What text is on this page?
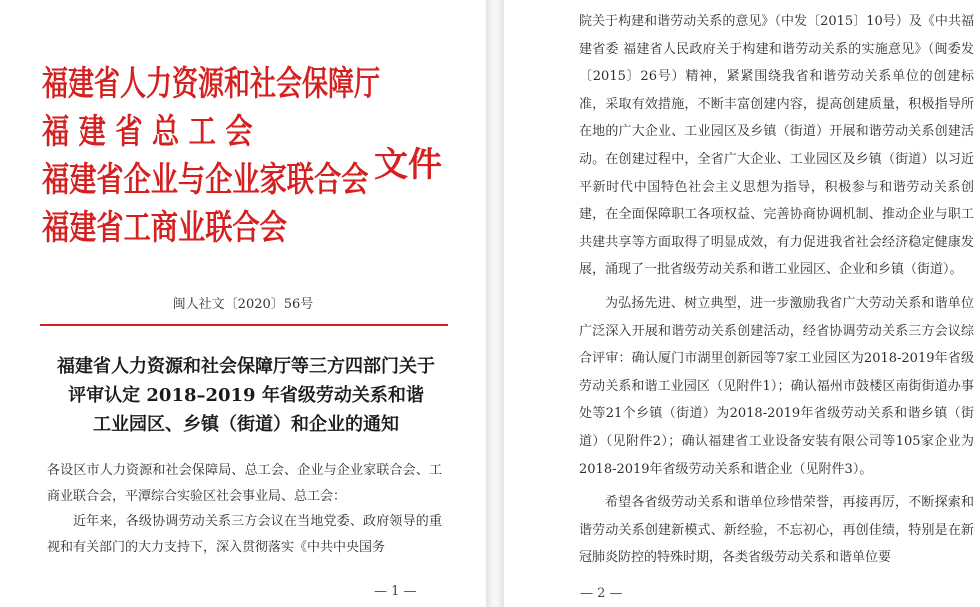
福建省人力资源和社会保障厅
福 建 省 总 工 会
福建省企业与企业家联合会
福建省工商业联合会
文件
闽人社文〔2020〕56号
福建省人力资源和社会保障厅等三方四部门关于
评审认定 2018–2019 年省级劳动关系和谐
工业园区、乡镇（街道）和企业的通知

各设区市人力资源和社会保障局、总工会、企业与企业家联合会、工商业联合会，平潭综合实验区社会事业局、总工会：

近年来，各级协调劳动关系三方会议在当地党委、政府领导的重视和有关部门的大力支持下，深入贯彻落实《中共中央国务

— 1 —

院关于构建和谐劳动关系的意见》（中发〔2015〕10号）及《中共福建省委 福建省人民政府关于构建和谐劳动关系的实施意见》（闽委发〔2015〕26号）精神，紧紧围绕我省和谐劳动关系单位的创建标准，采取有效措施，不断丰富创建内容，提高创建质量，积极指导所在地的广大企业、工业园区及乡镇（街道）开展和谐劳动关系创建活动。在创建过程中，全省广大企业、工业园区及乡镇（街道）以习近平新时代中国特色社会主义思想为指导，积极参与和谐劳动关系创建，在全面保障职工各项权益、完善协商协调机制、推动企业与职工共建共享等方面取得了明显成效，有力促进我省社会经济稳定健康发展，涌现了一批省级劳动关系和谐工业园区、企业和乡镇（街道）。

为弘扬先进、树立典型，进一步激励我省广大劳动关系和谐单位广泛深入开展和谐劳动关系创建活动，经省协调劳动关系三方会议综合评审：确认厦门市湖里创新园等7家工业园区为2018-2019年省级劳动关系和谐工业园区（见附件1）；确认福州市鼓楼区南街街道办事处等21个乡镇（街道）为2018-2019年省级劳动关系和谐乡镇（街道）（见附件2）；确认福建省工业设备安装有限公司等105家企业为2018-2019年省级劳动关系和谐企业（见附件3）。

希望各省级劳动关系和谐单位珍惜荣誉，再接再厉，不断探索和谐劳动关系创建新模式、新经验，不忘初心，再创佳绩，特别是在新冠肺炎防控的特殊时期，各类省级劳动关系和谐单位要

— 2 —
